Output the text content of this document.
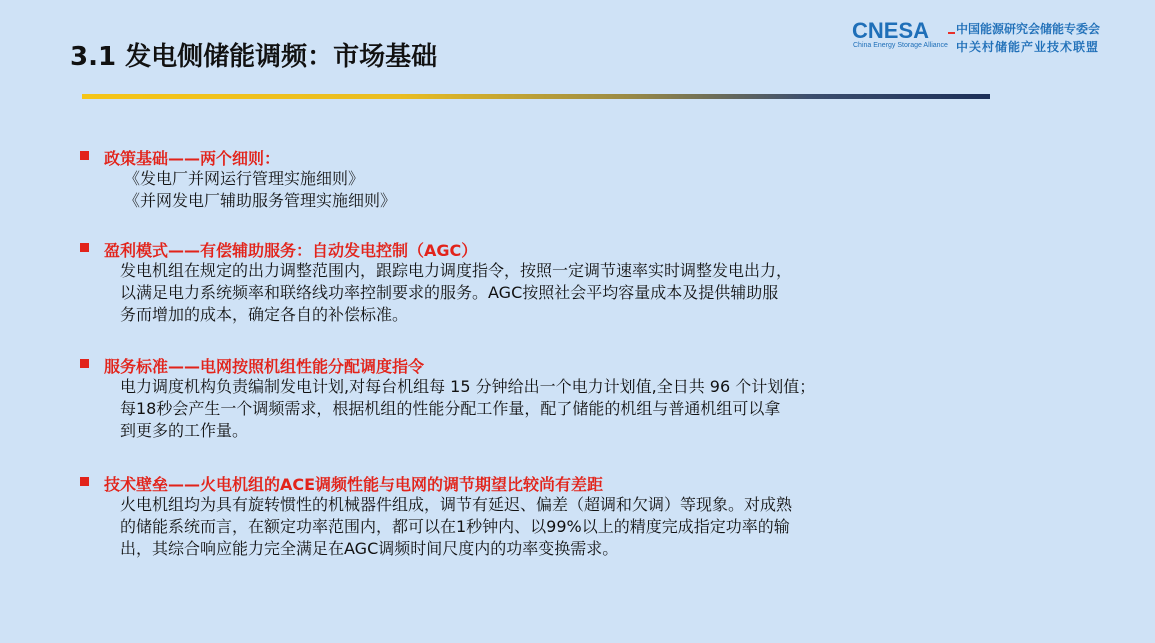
3.1 发电侧储能调频：市场基础
CNESA
China Energy Storage Alliance
中国能源研究会储能专委会
中关村储能产业技术联盟
政策基础——两个细则：
《发电厂并网运行管理实施细则》
《并网发电厂辅助服务管理实施细则》
盈利模式——有偿辅助服务：自动发电控制（AGC）
发电机组在规定的出力调整范围内，跟踪电力调度指令，按照一定调节速率实时调整发电出力，
以满足电力系统频率和联络线功率控制要求的服务。AGC按照社会平均容量成本及提供辅助服
务而增加的成本，确定各自的补偿标准。
服务标准——电网按照机组性能分配调度指令
电力调度机构负责编制发电计划,对每台机组每 15 分钟给出一个电力计划值,全日共 96 个计划值；
每18秒会产生一个调频需求，根据机组的性能分配工作量，配了储能的机组与普通机组可以拿
到更多的工作量。
技术壁垒——火电机组的ACE调频性能与电网的调节期望比较尚有差距
火电机组均为具有旋转惯性的机械器件组成，调节有延迟、偏差（超调和欠调）等现象。对成熟
的储能系统而言，在额定功率范围内，都可以在1秒钟内、以99%以上的精度完成指定功率的输
出，其综合响应能力完全满足在AGC调频时间尺度内的功率变换需求。
